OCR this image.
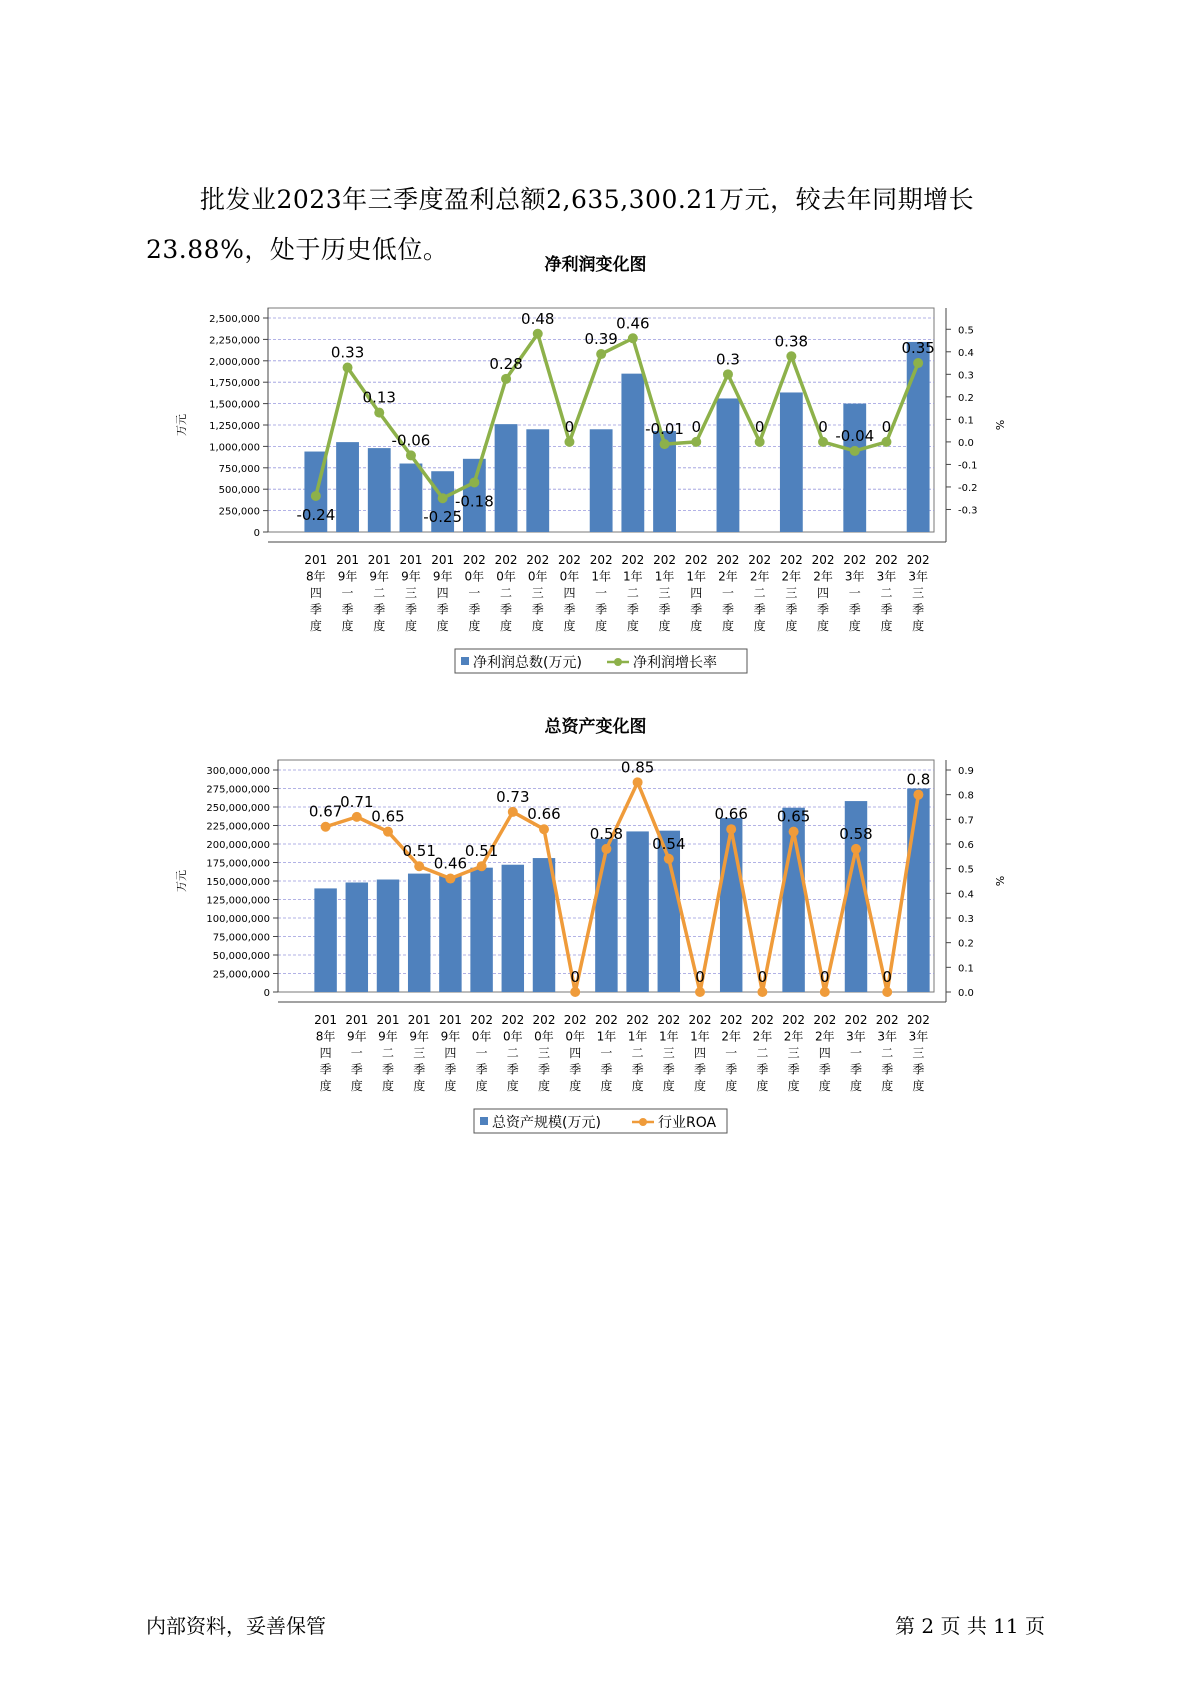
批发业2023年三季度盈利总额2,635,300.21万元，较去年同期增长23.88%，处于历史低位。

净利润变化图
0
250,000
500,000
750,000
1,000,000
1,250,000
1,500,000
1,750,000
2,000,000
2,250,000
2,500,000
-0.3
-0.2
-0.1
0.0
0.1
0.2
0.3
0.4
0.5
万元	%
-0.24
0.33
0.13
-0.06
-0.25
-0.18
0.28
0.48
0
0.39
0.46
-0.01 0
0.3
0
0.38
0
-0.04
0
0.35
201
8年
四
季
度
201
9年
一
季
度
201
9年
二
季
度
201
9年
三
季
度
201
9年
四
季
度
202
0年
一
季
度
202
0年
二
季
度
202
0年
三
季
度
202
0年
四
季
度
202
1年
一
季
度
202
1年
二
季
度
202
1年
三
季
度
202
1年
四
季
度
202
2年
一
季
度
202
2年
二
季
度
202
2年
三
季
度
202
2年
四
季
度
202
3年
一
季
度
202
3年
二
季
度
202
3年
三
季
度
净利润总数(万元)	净利润增长率
总资产变化图
0
25,000,000
50,000,000
75,000,000
100,000,000
125,000,000
150,000,000
175,000,000
200,000,000
225,000,000
250,000,000
275,000,000
300,000,000
0.0
0.1
0.2
0.3
0.4
0.5
0.6
0.7
0.8
0.9
万元	%
0.67
0.71
0.65
0.51
0.46
0.51
0.73
0.66
0
0.58
0.85
0.54
0
0.66
0
0.65
0
0.58
0
0.8
201
8年
四
季
度
201
9年
一
季
度
201
9年
二
季
度
201
9年
三
季
度
201
9年
四
季
度
202
0年
一
季
度
202
0年
二
季
度
202
0年
三
季
度
202
0年
四
季
度
202
1年
一
季
度
202
1年
二
季
度
202
1年
三
季
度
202
1年
四
季
度
202
2年
一
季
度
202
2年
二
季
度
202
2年
三
季
度
202
2年
四
季
度
202
3年
一
季
度
202
3年
二
季
度
202
3年
三
季
度
总资产规模(万元)	行业ROA
内部资料，妥善保管	第 2 页 共 11 页
